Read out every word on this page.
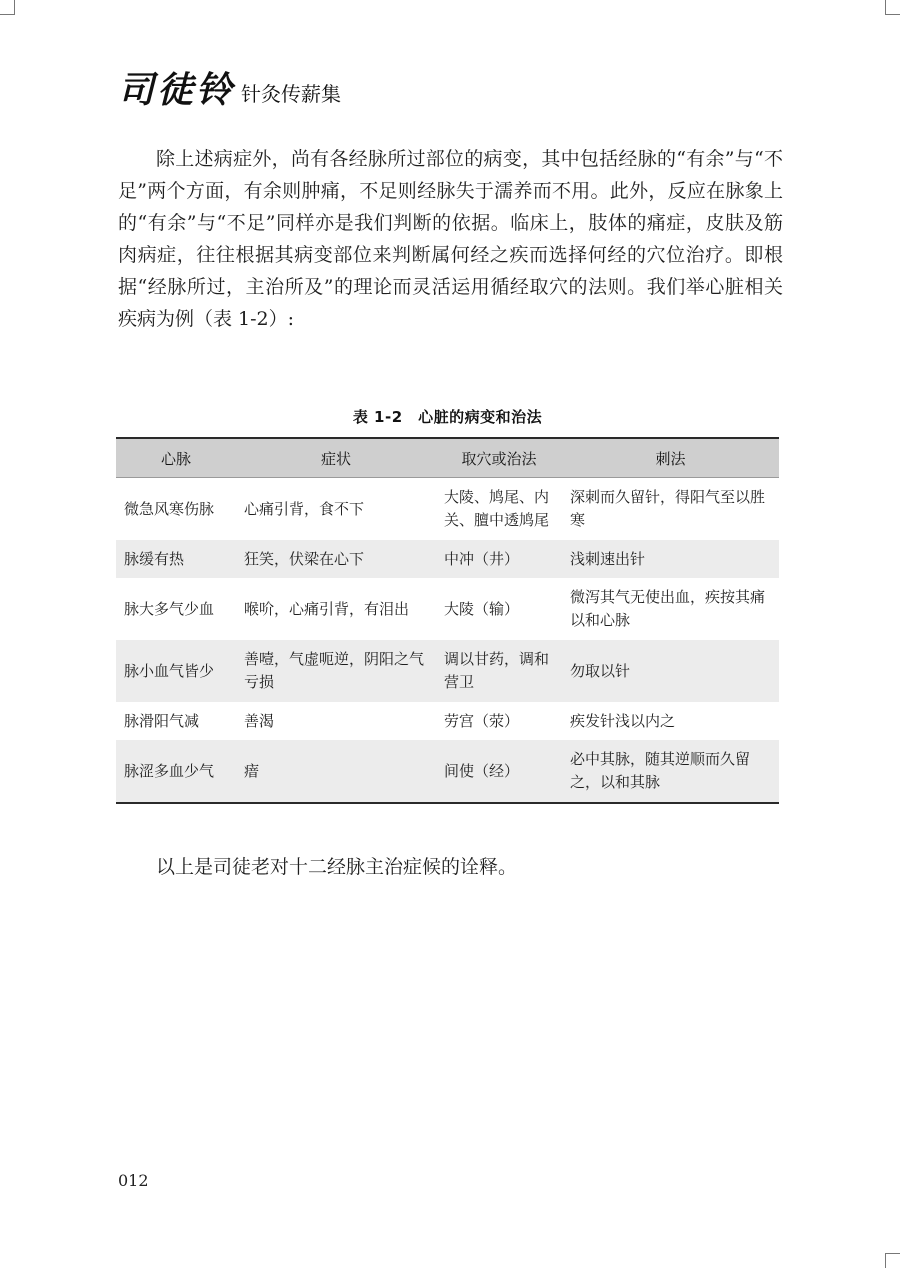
司徒铃 针灸传薪集

除上述病症外，尚有各经脉所过部位的病变，其中包括经脉的“有余”与“不足”两个方面，有余则肿痛，不足则经脉失于濡养而不用。此外，反应在脉象上的“有余”与“不足”同样亦是我们判断的依据。临床上，肢体的痛症，皮肤及筋肉病症，往往根据其病变部位来判断属何经之疾而选择何经的穴位治疗。即根据“经脉所过，主治所及”的理论而灵活运用循经取穴的法则。我们举心脏相关疾病为例（表 1-2）:

表 1-2　心脏的病变和治法
心脉	症状	取穴或治法	刺法
微急风寒伤脉	心痛引背，食不下	大陵、鸠尾、内关、膻中透鸠尾	深刺而久留针，得阳气至以胜寒
脉缓有热	狂笑，伏梁在心下	中冲（井）	浅刺速出针
脉大多气少血	喉吤，心痛引背，有泪出	大陵（输）	微泻其气无使出血，疾按其痛以和心脉
脉小血气皆少	善噎，气虚呃逆，阴阳之气亏损	调以甘药，调和营卫	勿取以针
脉滑阳气减	善渴	劳宫（荥）	疾发针浅以内之
脉涩多血少气	瘖	间使（经）	必中其脉，随其逆顺而久留之，以和其脉

以上是司徒老对十二经脉主治症候的诠释。

012
